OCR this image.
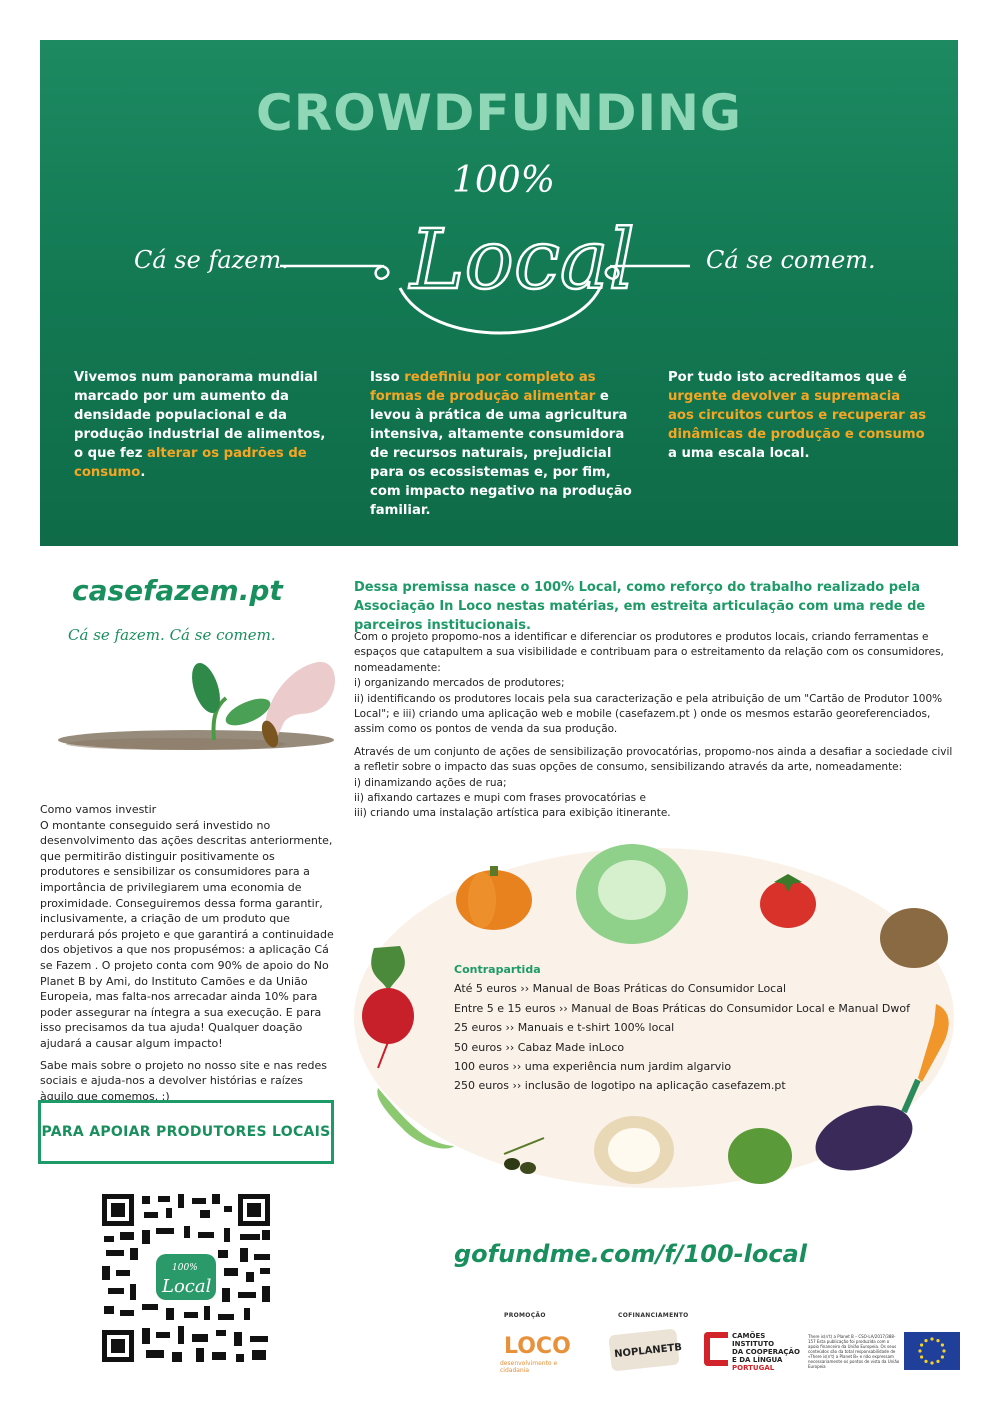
CROWDFUNDING
100%
Local
Cá se fazem.	Cá se comem.
Vivemos num panorama mundial marcado por um aumento da densidade populacional e da produção industrial de alimentos, o que fez alterar os padrões de consumo.
Isso redefiniu por completo as formas de produção alimentar e levou à prática de uma agricultura intensiva, altamente consumidora de recursos naturais, prejudicial para os ecossistemas e, por fim, com impacto negativo na produção familiar.
Por tudo isto acreditamos que é urgente devolver a supremacia aos circuitos curtos e recuperar as dinâmicas de produção e consumo a uma escala local.
casefazem.pt
Cá se fazem. Cá se comem.

Como vamos investir

O montante conseguido será investido no desenvolvimento das ações descritas anteriormente, que permitirão distinguir positivamente os produtores e sensibilizar os consumidores para a importância de privilegiarem uma economia de proximidade. Conseguiremos dessa forma garantir, inclusivamente, a criação de um produto que perdurará pós projeto e que garantirá a continuidade dos objetivos a que nos propusémos: a aplicação Cá se Fazem . O projeto conta com 90% de apoio do No Planet B by Ami, do Instituto Camões e da União Europeia, mas falta-nos arrecadar ainda 10% para poder assegurar na íntegra a sua execução. E para isso precisamos da tua ajuda! Qualquer doação ajudará a causar algum impacto!

Sabe mais sobre o projeto no nosso site e nas redes sociais e ajuda-nos a devolver histórias e raízes àquilo que comemos. :)

PARA APOIAR PRODUTORES LOCAIS
100%
Local
Dessa premissa nasce o 100% Local, como reforço do trabalho realizado pela Associação In Loco nestas matérias, em estreita articulação com uma rede de parceiros institucionais.

Com o projeto propomo-nos a identificar e diferenciar os produtores e produtos locais, criando ferramentas e espaços que catapultem a sua visibilidade e contribuam para o estreitamento da relação com os consumidores, nomeadamente:
i) organizando mercados de produtores;
ii) identificando os produtores locais pela sua caracterização e pela atribuição de um "Cartão de Produtor 100% Local"; e iii) criando uma aplicação web e mobile (casefazem.pt ) onde os mesmos estarão georeferenciados, assim como os pontos de venda da sua produção.

Através de um conjunto de ações de sensibilização provocatórias, propomo-nos ainda a desafiar a sociedade civil a refletir sobre o impacto das suas opções de consumo, sensibilizando através da arte, nomeadamente:
i) dinamizando ações de rua;
ii) afixando cartazes e mupi com frases provocatórias e
iii) criando uma instalação artística para exibição itinerante.

Contrapartida
Até 5 euros ›› Manual de Boas Práticas do Consumidor Local
Entre 5 e 15 euros ›› Manual de Boas Práticas do Consumidor Local e Manual Dwof
25 euros ›› Manuais e t-shirt 100% local
50 euros ›› Cabaz Made inLoco
100 euros ›› uma experiência num jardim algarvio
250 euros ›› inclusão de logotipo na aplicação casefazem.pt
gofundme.com/f/100-local
PROMOÇÃO	COFINANCIAMENTO
LOCO
desenvolvimento e cidadania
NOPLANETB
CAMÕES
INSTITUTO
DA COOPERAÇÃO
E DA LÍNGUA
PORTUGAL
There is(n't) a Planet B – CSO-LA/2017/388-157 Esta publicação foi produzida com o apoio financeiro da União Europeia. Os seus conteúdos são da total responsabilidade de «There is(n't) a Planet B» e não expressam necessariamente os pontos de vista da União Europeia
